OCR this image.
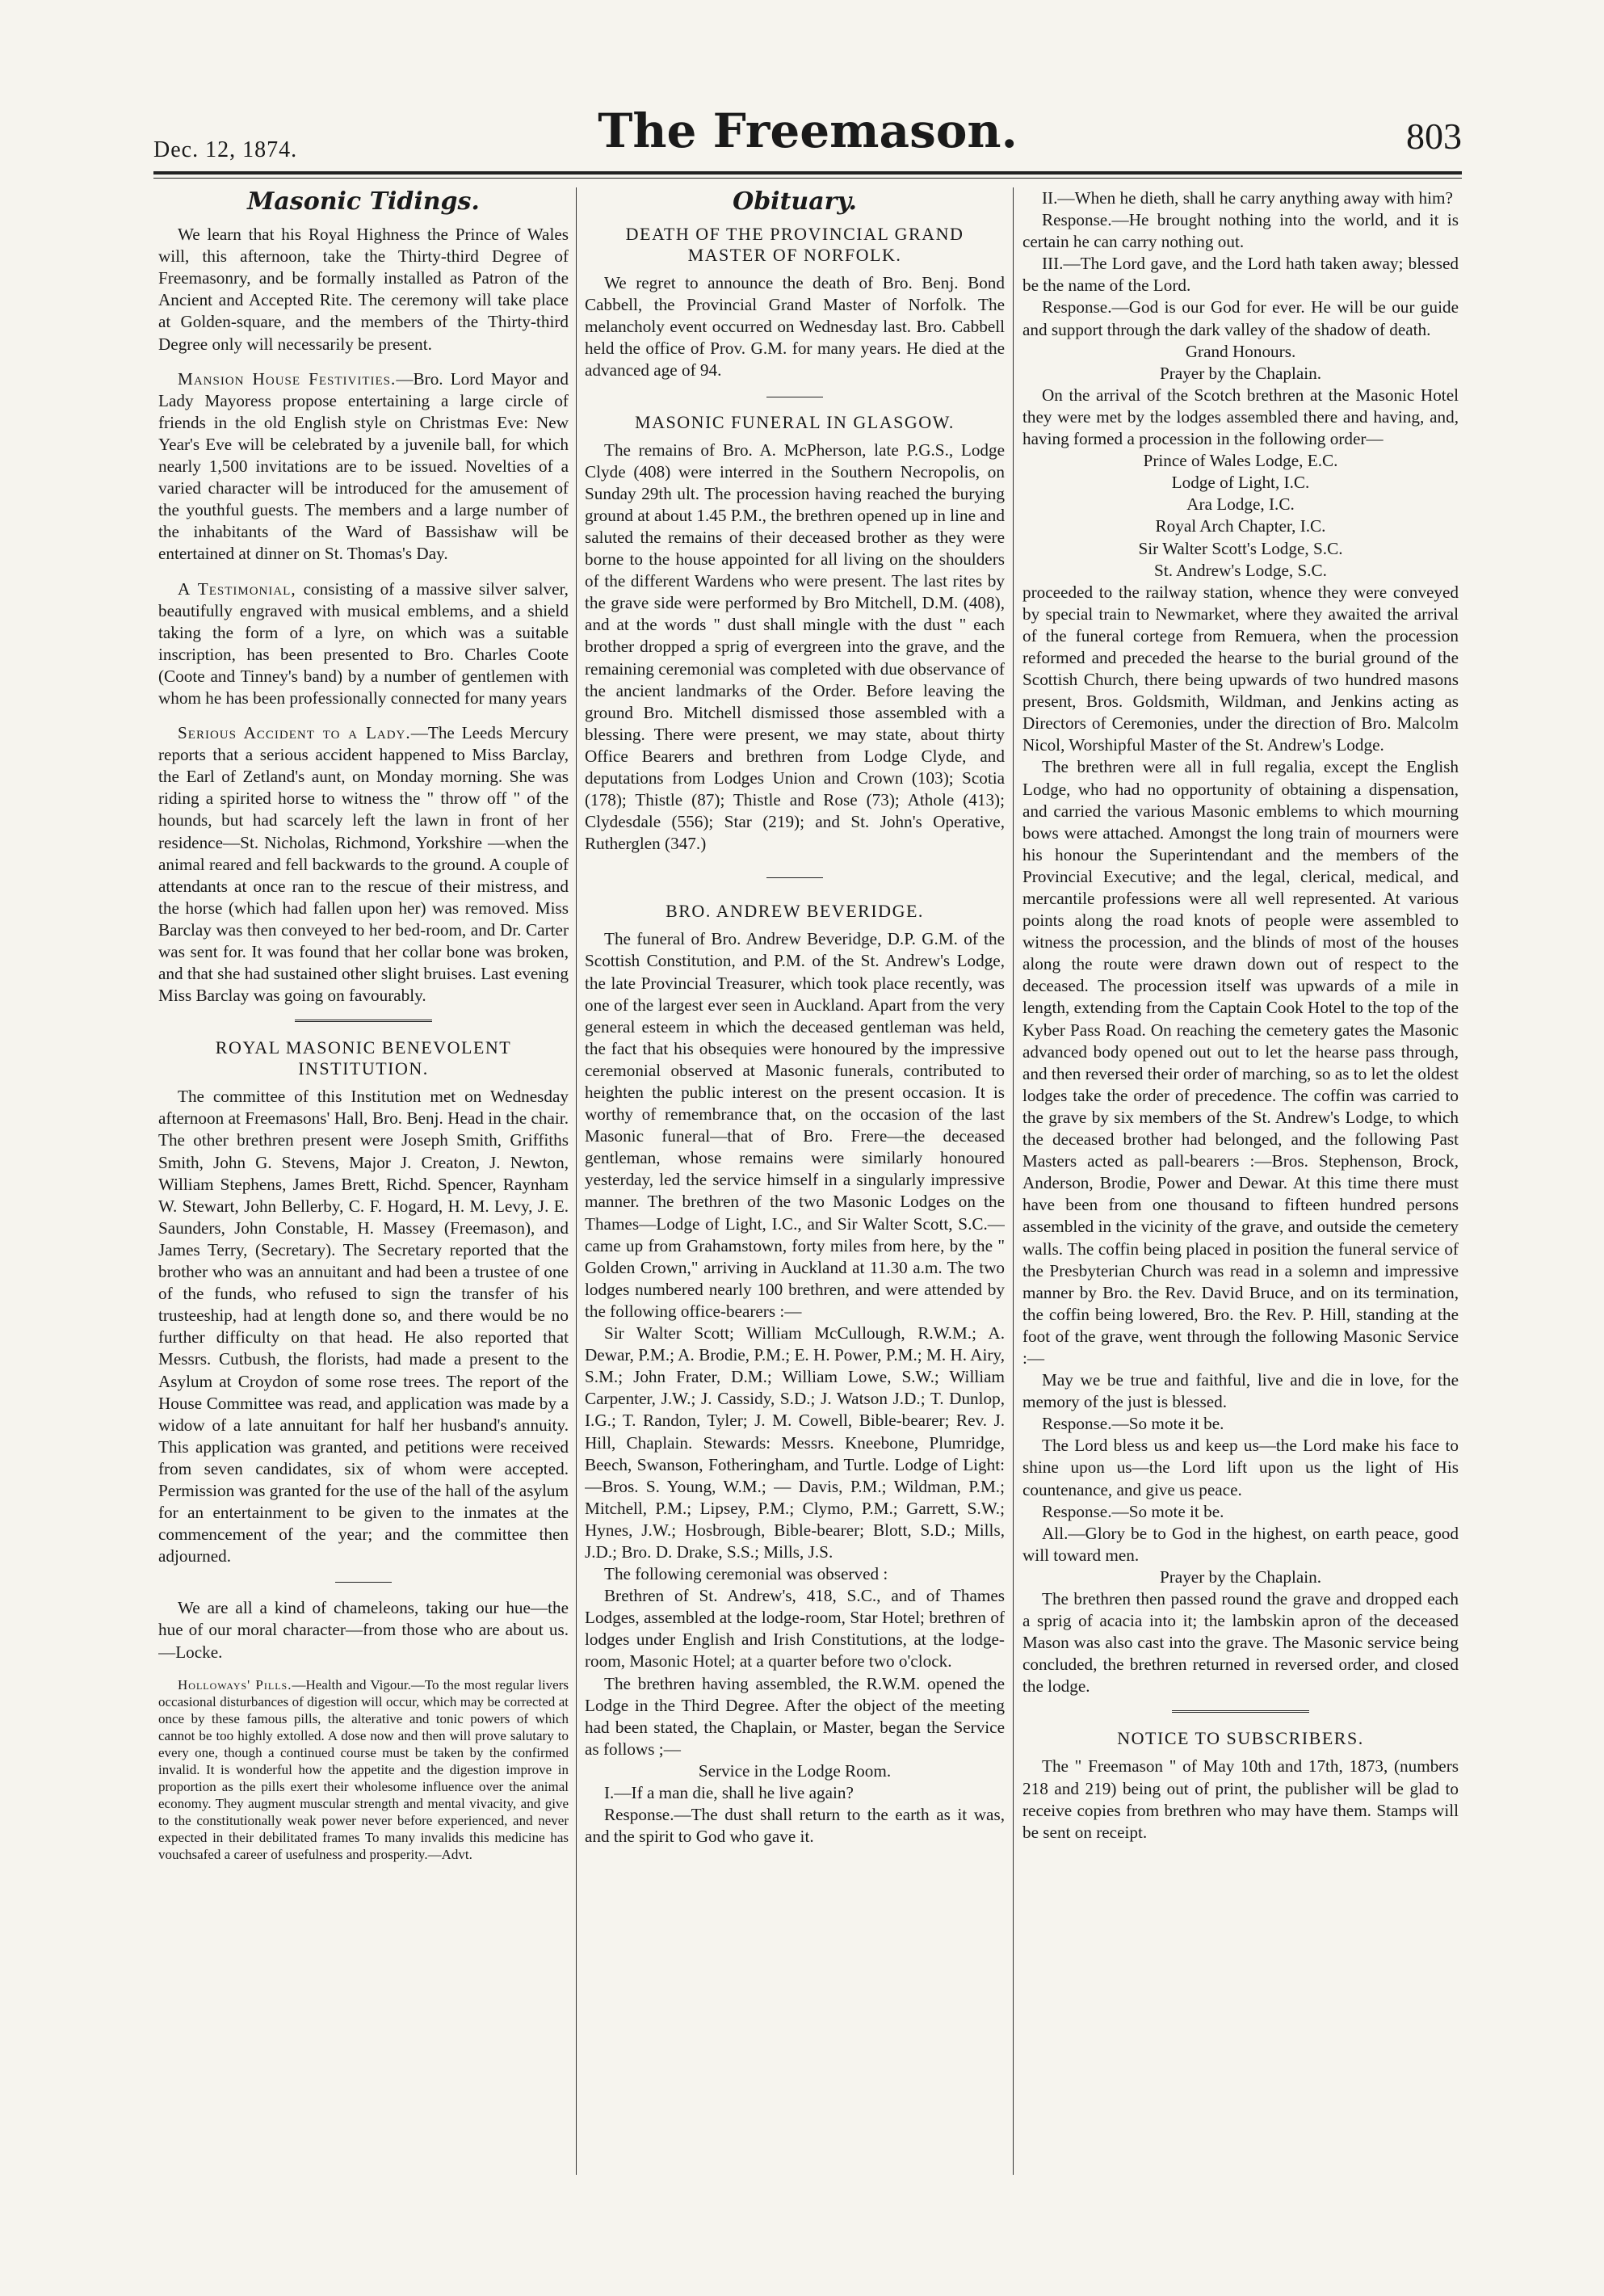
Dec. 12, 1874.	The Freemason.	803
Masonic Tidings.

We learn that his Royal Highness the Prince of Wales will, this afternoon, take the Thirty-third Degree of Freemasonry, and be formally installed as Patron of the Ancient and Accepted Rite. The ceremony will take place at Golden-square, and the members of the Thirty-third Degree only will necessarily be present.

Mansion House Festivities.—Bro. Lord Mayor and Lady Mayoress propose entertaining a large circle of friends in the old English style on Christmas Eve: New Year's Eve will be celebrated by a juvenile ball, for which nearly 1,500 invitations are to be issued. Novelties of a varied character will be introduced for the amusement of the youthful guests. The members and a large number of the inhabitants of the Ward of Bassishaw will be entertained at dinner on St. Thomas's Day.

A Testimonial, consisting of a massive silver salver, beautifully engraved with musical emblems, and a shield taking the form of a lyre, on which was a suitable inscription, has been presented to Bro. Charles Coote (Coote and Tinney's band) by a number of gentlemen with whom he has been professionally connected for many years

Serious Accident to a Lady.—The Leeds Mercury reports that a serious accident happened to Miss Barclay, the Earl of Zetland's aunt, on Monday morning. She was riding a spirited horse to witness the " throw off " of the hounds, but had scarcely left the lawn in front of her residence—St. Nicholas, Richmond, Yorkshire —when the animal reared and fell backwards to the ground. A couple of attendants at once ran to the rescue of their mistress, and the horse (which had fallen upon her) was removed. Miss Barclay was then conveyed to her bed-room, and Dr. Carter was sent for. It was found that her collar bone was broken, and that she had sustained other slight bruises. Last evening Miss Barclay was going on favourably.

ROYAL MASONIC BENEVOLENT INSTITUTION.

The committee of this Institution met on Wednesday afternoon at Freemasons' Hall, Bro. Benj. Head in the chair. The other brethren present were Joseph Smith, Griffiths Smith, John G. Stevens, Major J. Creaton, J. Newton, William Stephens, James Brett, Richd. Spencer, Raynham W. Stewart, John Bellerby, C. F. Hogard, H. M. Levy, J. E. Saunders, John Constable, H. Massey (Freemason), and James Terry, (Secretary). The Secretary reported that the brother who was an annuitant and had been a trustee of one of the funds, who refused to sign the transfer of his trusteeship, had at length done so, and there would be no further difficulty on that head. He also reported that Messrs. Cutbush, the florists, had made a present to the Asylum at Croydon of some rose trees. The report of the House Committee was read, and application was made by a widow of a late annuitant for half her husband's annuity. This application was granted, and petitions were received from seven candidates, six of whom were accepted. Permission was granted for the use of the hall of the asylum for an entertainment to be given to the inmates at the commencement of the year; and the committee then adjourned.

We are all a kind of chameleons, taking our hue—the hue of our moral character—from those who are about us.—Locke.

Holloways' Pills.—Health and Vigour.—To the most regular livers occasional disturbances of digestion will occur, which may be corrected at once by these famous pills, the alterative and tonic powers of which cannot be too highly extolled. A dose now and then will prove salutary to every one, though a continued course must be taken by the confirmed invalid. It is wonderful how the appetite and the digestion improve in proportion as the pills exert their wholesome influence over the animal economy. They augment muscular strength and mental vivacity, and give to the constitutionally weak power never before experienced, and never expected in their debilitated frames To many invalids this medicine has vouchsafed a career of usefulness and prosperity.—Advt.

Obituary.
DEATH OF THE PROVINCIAL GRAND MASTER OF NORFOLK.

We regret to announce the death of Bro. Benj. Bond Cabbell, the Provincial Grand Master of Norfolk. The melancholy event occurred on Wednesday last. Bro. Cabbell held the office of Prov. G.M. for many years. He died at the advanced age of 94.

MASONIC FUNERAL IN GLASGOW.

The remains of Bro. A. McPherson, late P.G.S., Lodge Clyde (408) were interred in the Southern Necropolis, on Sunday 29th ult. The procession having reached the burying ground at about 1.45 P.M., the brethren opened up in line and saluted the remains of their deceased brother as they were borne to the house appointed for all living on the shoulders of the different Wardens who were present. The last rites by the grave side were performed by Bro Mitchell, D.M. (408), and at the words " dust shall mingle with the dust " each brother dropped a sprig of evergreen into the grave, and the remaining ceremonial was completed with due observance of the ancient landmarks of the Order. Before leaving the ground Bro. Mitchell dismissed those assembled with a blessing. There were present, we may state, about thirty Office Bearers and brethren from Lodge Clyde, and deputations from Lodges Union and Crown (103); Scotia (178); Thistle (87); Thistle and Rose (73); Athole (413); Clydesdale (556); Star (219); and St. John's Operative, Rutherglen (347.)

BRO. ANDREW BEVERIDGE.

The funeral of Bro. Andrew Beveridge, D.P. G.M. of the Scottish Constitution, and P.M. of the St. Andrew's Lodge, the late Provincial Treasurer, which took place recently, was one of the largest ever seen in Auckland. Apart from the very general esteem in which the deceased gentleman was held, the fact that his obsequies were honoured by the impressive ceremonial observed at Masonic funerals, contributed to heighten the public interest on the present occasion. It is worthy of remembrance that, on the occasion of the last Masonic funeral—that of Bro. Frere—the deceased gentleman, whose remains were similarly honoured yesterday, led the service himself in a singularly impressive manner. The brethren of the two Masonic Lodges on the Thames—Lodge of Light, I.C., and Sir Walter Scott, S.C.—came up from Grahamstown, forty miles from here, by the " Golden Crown," arriving in Auckland at 11.30 a.m. The two lodges numbered nearly 100 brethren, and were attended by the following office-bearers :—

Sir Walter Scott; William McCullough, R.W.M.; A. Dewar, P.M.; A. Brodie, P.M.; E. H. Power, P.M.; M. H. Airy, S.M.; John Frater, D.M.; William Lowe, S.W.; William Carpenter, J.W.; J. Cassidy, S.D.; J. Watson J.D.; T. Dunlop, I.G.; T. Randon, Tyler; J. M. Cowell, Bible-bearer; Rev. J. Hill, Chaplain. Stewards: Messrs. Kneebone, Plumridge, Beech, Swanson, Fotheringham, and Turtle. Lodge of Light:—Bros. S. Young, W.M.; — Davis, P.M.; Wildman, P.M.; Mitchell, P.M.; Lipsey, P.M.; Clymo, P.M.; Garrett, S.W.; Hynes, J.W.; Hosbrough, Bible-bearer; Blott, S.D.; Mills, J.D.; Bro. D. Drake, S.S.; Mills, J.S.

The following ceremonial was observed :

Brethren of St. Andrew's, 418, S.C., and of Thames Lodges, assembled at the lodge-room, Star Hotel; brethren of lodges under English and Irish Constitutions, at the lodge-room, Masonic Hotel; at a quarter before two o'clock.

The brethren having assembled, the R.W.M. opened the Lodge in the Third Degree. After the object of the meeting had been stated, the Chaplain, or Master, began the Service as follows ;—

Service in the Lodge Room.

I.—If a man die, shall he live again?

Response.—The dust shall return to the earth as it was, and the spirit to God who gave it.

II.—When he dieth, shall he carry anything away with him?

Response.—He brought nothing into the world, and it is certain he can carry nothing out.

III.—The Lord gave, and the Lord hath taken away; blessed be the name of the Lord.

Response.—God is our God for ever. He will be our guide and support through the dark valley of the shadow of death.

Grand Honours.

Prayer by the Chaplain.

On the arrival of the Scotch brethren at the Masonic Hotel they were met by the lodges assembled there and having, and, having formed a procession in the following order—

Prince of Wales Lodge, E.C.

Lodge of Light, I.C.

Ara Lodge, I.C.

Royal Arch Chapter, I.C.

Sir Walter Scott's Lodge, S.C.

St. Andrew's Lodge, S.C.

proceeded to the railway station, whence they were conveyed by special train to Newmarket, where they awaited the arrival of the funeral cortege from Remuera, when the procession reformed and preceded the hearse to the burial ground of the Scottish Church, there being upwards of two hundred masons present, Bros. Goldsmith, Wildman, and Jenkins acting as Directors of Ceremonies, under the direction of Bro. Malcolm Nicol, Worshipful Master of the St. Andrew's Lodge.

The brethren were all in full regalia, except the English Lodge, who had no opportunity of obtaining a dispensation, and carried the various Masonic emblems to which mourning bows were attached. Amongst the long train of mourners were his honour the Superintendant and the members of the Provincial Executive; and the legal, clerical, medical, and mercantile professions were all well represented. At various points along the road knots of people were assembled to witness the procession, and the blinds of most of the houses along the route were drawn down out of respect to the deceased. The procession itself was upwards of a mile in length, extending from the Captain Cook Hotel to the top of the Kyber Pass Road. On reaching the cemetery gates the Masonic advanced body opened out out to let the hearse pass through, and then reversed their order of marching, so as to let the oldest lodges take the order of precedence. The coffin was carried to the grave by six members of the St. Andrew's Lodge, to which the deceased brother had belonged, and the following Past Masters acted as pall-bearers :—Bros. Stephenson, Brock, Anderson, Brodie, Power and Dewar. At this time there must have been from one thousand to fifteen hundred persons assembled in the vicinity of the grave, and outside the cemetery walls. The coffin being placed in position the funeral service of the Presbyterian Church was read in a solemn and impressive manner by Bro. the Rev. David Bruce, and on its termination, the coffin being lowered, Bro. the Rev. P. Hill, standing at the foot of the grave, went through the following Masonic Service :—

May we be true and faithful, live and die in love, for the memory of the just is blessed.

Response.—So mote it be.

The Lord bless us and keep us—the Lord make his face to shine upon us—the Lord lift upon us the light of His countenance, and give us peace.

Response.—So mote it be.

All.—Glory be to God in the highest, on earth peace, good will toward men.

Prayer by the Chaplain.

The brethren then passed round the grave and dropped each a sprig of acacia into it; the lambskin apron of the deceased Mason was also cast into the grave. The Masonic service being concluded, the brethren returned in reversed order, and closed the lodge.

NOTICE TO SUBSCRIBERS.

The " Freemason " of May 10th and 17th, 1873, (numbers 218 and 219) being out of print, the publisher will be glad to receive copies from brethren who may have them. Stamps will be sent on receipt.
